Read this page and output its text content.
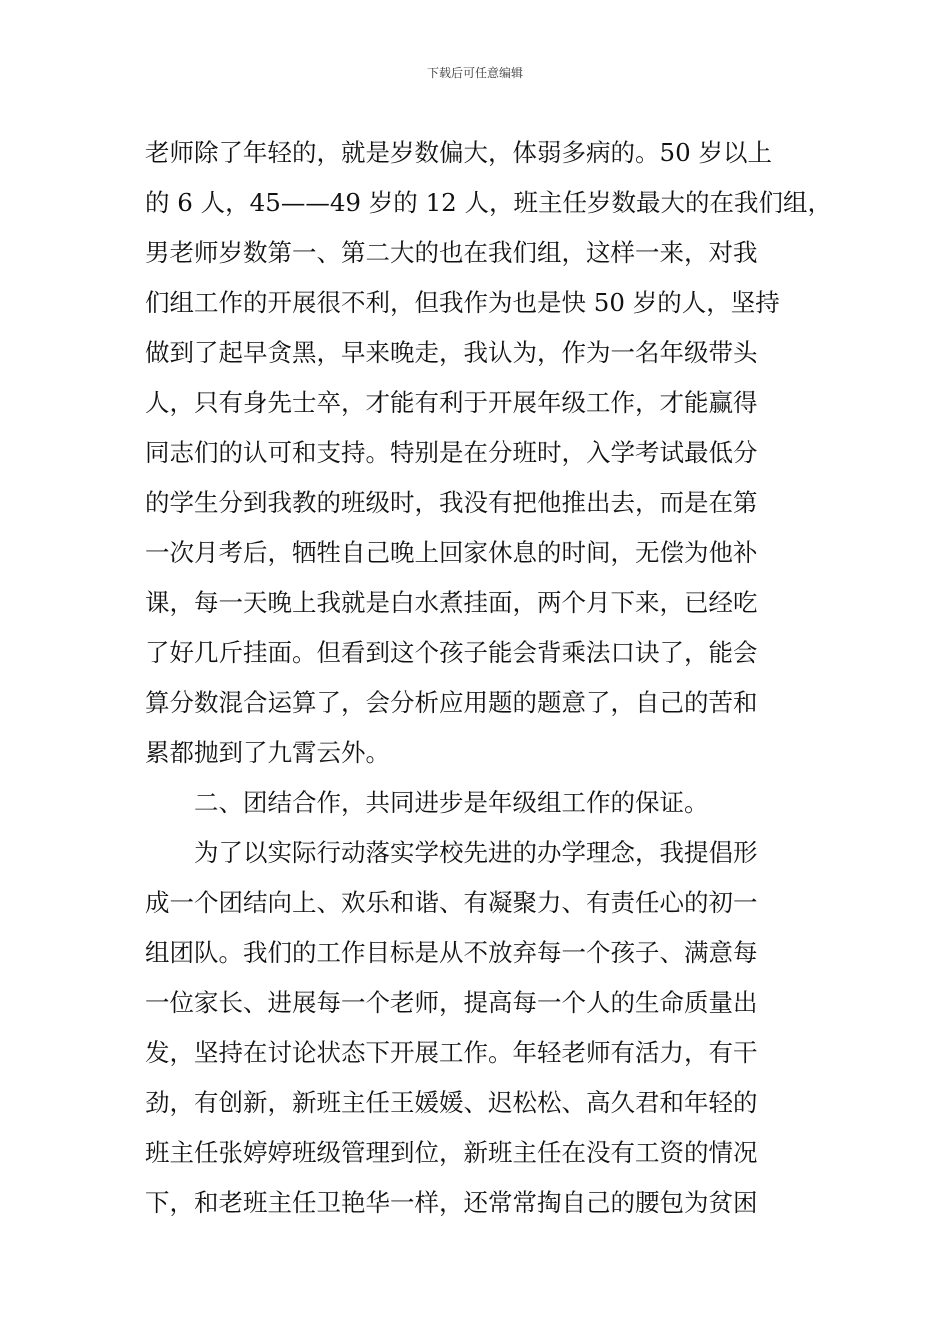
下载后可任意编辑
老师除了年轻的，就是岁数偏大，体弱多病的。50 岁以上
的 6 人，45——49 岁的 12 人，班主任岁数最大的在我们组，
男老师岁数第一、第二大的也在我们组，这样一来，对我
们组工作的开展很不利，但我作为也是快 50 岁的人，坚持
做到了起早贪黑，早来晚走，我认为，作为一名年级带头
人，只有身先士卒，才能有利于开展年级工作，才能赢得
同志们的认可和支持。特别是在分班时，入学考试最低分
的学生分到我教的班级时，我没有把他推出去，而是在第
一次月考后，牺牲自己晚上回家休息的时间，无偿为他补
课，每一天晚上我就是白水煮挂面，两个月下来，已经吃
了好几斤挂面。但看到这个孩子能会背乘法口诀了，能会
算分数混合运算了，会分析应用题的题意了，自己的苦和
累都抛到了九霄云外。
二、团结合作，共同进步是年级组工作的保证。
为了以实际行动落实学校先进的办学理念，我提倡形
成一个团结向上、欢乐和谐、有凝聚力、有责任心的初一
组团队。我们的工作目标是从不放弃每一个孩子、满意每
一位家长、进展每一个老师，提高每一个人的生命质量出
发，坚持在讨论状态下开展工作。年轻老师有活力，有干
劲，有创新，新班主任王媛媛、迟松松、高久君和年轻的
班主任张婷婷班级管理到位，新班主任在没有工资的情况
下，和老班主任卫艳华一样，还常常掏自己的腰包为贫困
